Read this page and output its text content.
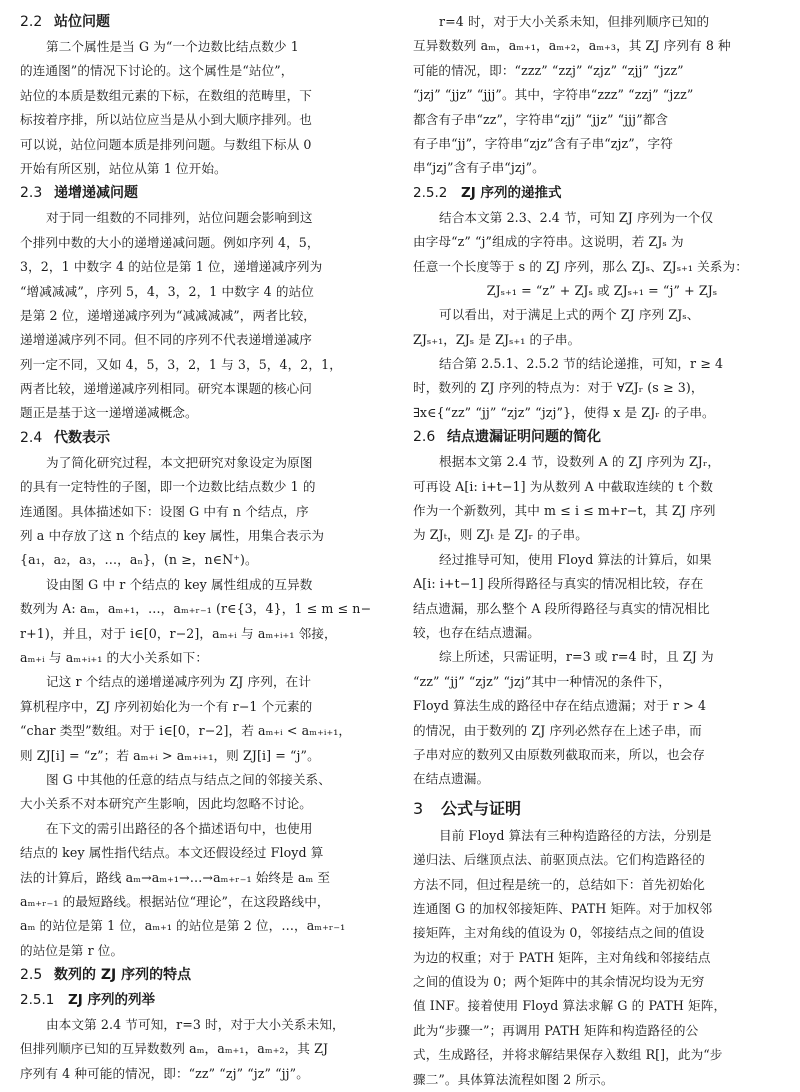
2.2 站位问题
第二个属性是当 G 为“一个边数比结点数少 1
的连通图”的情况下讨论的。这个属性是“站位”，
站位的本质是数组元素的下标，在数组的范畴里，下
标按着序排，所以站位应当是从小到大顺序排列。也
可以说，站位问题本质是排列问题。与数组下标从 0
开始有所区别，站位从第 1 位开始。
2.3 递增递减问题
对于同一组数的不同排列，站位问题会影响到这
个排列中数的大小的递增递减问题。例如序列 4，5，
3，2，1 中数字 4 的站位是第 1 位，递增递减序列为
“增减减减”，序列 5，4，3，2，1 中数字 4 的站位
是第 2 位，递增递减序列为“减减减减”，两者比较，
递增递减序列不同。但不同的序列不代表递增递减序
列一定不同，又如 4，5，3，2，1 与 3，5，4，2，1，
两者比较，递增递减序列相同。研究本课题的核心问
题正是基于这一递增递减概念。
2.4 代数表示
为了简化研究过程，本文把研究对象设定为原图
的具有一定特性的子图，即一个边数比结点数少 1 的
连通图。具体描述如下：设图 G 中有 n 个结点，序
列 a 中存放了这 n 个结点的 key 属性，用集合表示为
{a₁，a₂，a₃，…，aₙ}，(n ≥，n∈N⁺)。
设由图 G 中 r 个结点的 key 属性组成的互异数
数列为 A: aₘ，aₘ₊₁，…，aₘ₊ᵣ₋₁ (r∈{3，4}，1 ≤ m ≤ n−
r+1)，并且，对于 i∈[0，r−2]，aₘ₊ᵢ 与 aₘ₊ᵢ₊₁ 邻接，
aₘ₊ᵢ 与 aₘ₊ᵢ₊₁ 的大小关系如下：
记这 r 个结点的递增递减序列为 ZJ 序列，在计
算机程序中，ZJ 序列初始化为一个有 r−1 个元素的
“char 类型”数组。对于 i∈[0，r−2]，若 aₘ₊ᵢ < aₘ₊ᵢ₊₁，
则 ZJ[i] = “z”；若 aₘ₊ᵢ > aₘ₊ᵢ₊₁，则 ZJ[i] = “j”。
图 G 中其他的任意的结点与结点之间的邻接关系、
大小关系不对本研究产生影响，因此均忽略不讨论。
在下文的需引出路径的各个描述语句中，也使用
结点的 key 属性指代结点。本文还假设经过 Floyd 算
法的计算后，路线 aₘ→aₘ₊₁→…→aₘ₊ᵣ₋₁ 始终是 aₘ 至
aₘ₊ᵣ₋₁ 的最短路线。根据站位“理论”，在这段路线中，
aₘ 的站位是第 1 位，aₘ₊₁ 的站位是第 2 位，…，aₘ₊ᵣ₋₁
的站位是第 r 位。
2.5 数列的 ZJ 序列的特点
2.5.1 ZJ 序列的列举
由本文第 2.4 节可知，r=3 时，对于大小关系未知，
但排列顺序已知的互异数数列 aₘ，aₘ₊₁，aₘ₊₂，其 ZJ
序列有 4 种可能的情况，即：“zz” “zj” “jz” “jj”。
r=4 时，对于大小关系未知，但排列顺序已知的
互异数数列 aₘ，aₘ₊₁，aₘ₊₂，aₘ₊₃，其 ZJ 序列有 8 种
可能的情况，即：“zzz” “zzj” “zjz” “zjj” “jzz”
“jzj” “jjz” “jjj”。其中，字符串“zzz” “zzj” “jzz”
都含有子串“zz”，字符串“zjj” “jjz” “jjj”都含
有子串“jj”，字符串“zjz”含有子串“zjz”，字符
串“jzj”含有子串“jzj”。
2.5.2 ZJ 序列的递推式
结合本文第 2.3、2.4 节，可知 ZJ 序列为一个仅
由字母“z” “j”组成的字符串。这说明，若 ZJₛ 为
任意一个长度等于 s 的 ZJ 序列，那么 ZJₛ、ZJₛ₊₁ 关系为：
ZJₛ₊₁ = “z” + ZJₛ 或 ZJₛ₊₁ = “j” + ZJₛ
可以看出，对于满足上式的两个 ZJ 序列 ZJₛ、
ZJₛ₊₁，ZJₛ 是 ZJₛ₊₁ 的子串。
结合第 2.5.1、2.5.2 节的结论递推，可知，r ≥ 4
时，数列的 ZJ 序列的特点为：对于 ∀ZJᵣ (s ≥ 3)，
∃x∈{“zz” “jj” “zjz” “jzj”}，使得 x 是 ZJᵣ 的子串。
2.6 结点遗漏证明问题的简化
根据本文第 2.4 节，设数列 A 的 ZJ 序列为 ZJᵣ，
可再设 A[i: i+t−1] 为从数列 A 中截取连续的 t 个数
作为一个新数列，其中 m ≤ i ≤ m+r−t，其 ZJ 序列
为 ZJₜ，则 ZJₜ 是 ZJᵣ 的子串。
经过推导可知，使用 Floyd 算法的计算后，如果
A[i: i+t−1] 段所得路径与真实的情况相比较，存在
结点遗漏，那么整个 A 段所得路径与真实的情况相比
较，也存在结点遗漏。
综上所述，只需证明，r=3 或 r=4 时，且 ZJ 为
“zz” “jj” “zjz” “jzj”其中一种情况的条件下，
Floyd 算法生成的路径中存在结点遗漏；对于 r > 4
的情况，由于数列的 ZJ 序列必然存在上述子串，而
子串对应的数列又由原数列截取而来，所以，也会存
在结点遗漏。
3 公式与证明
目前 Floyd 算法有三种构造路径的方法，分别是
递归法、后继顶点法、前驱顶点法。它们构造路径的
方法不同，但过程是统一的，总结如下：首先初始化
连通图 G 的加权邻接矩阵、PATH 矩阵。对于加权邻
接矩阵，主对角线的值设为 0，邻接结点之间的值设
为边的权重；对于 PATH 矩阵，主对角线和邻接结点
之间的值设为 0；两个矩阵中的其余情况均设为无穷
值 INF。接着使用 Floyd 算法求解 G 的 PATH 矩阵，
此为“步骤一”；再调用 PATH 矩阵和构造路径的公
式，生成路径，并将求解结果保存入数组 R[]，此为“步
骤二”。具体算法流程如图 2 所示。
